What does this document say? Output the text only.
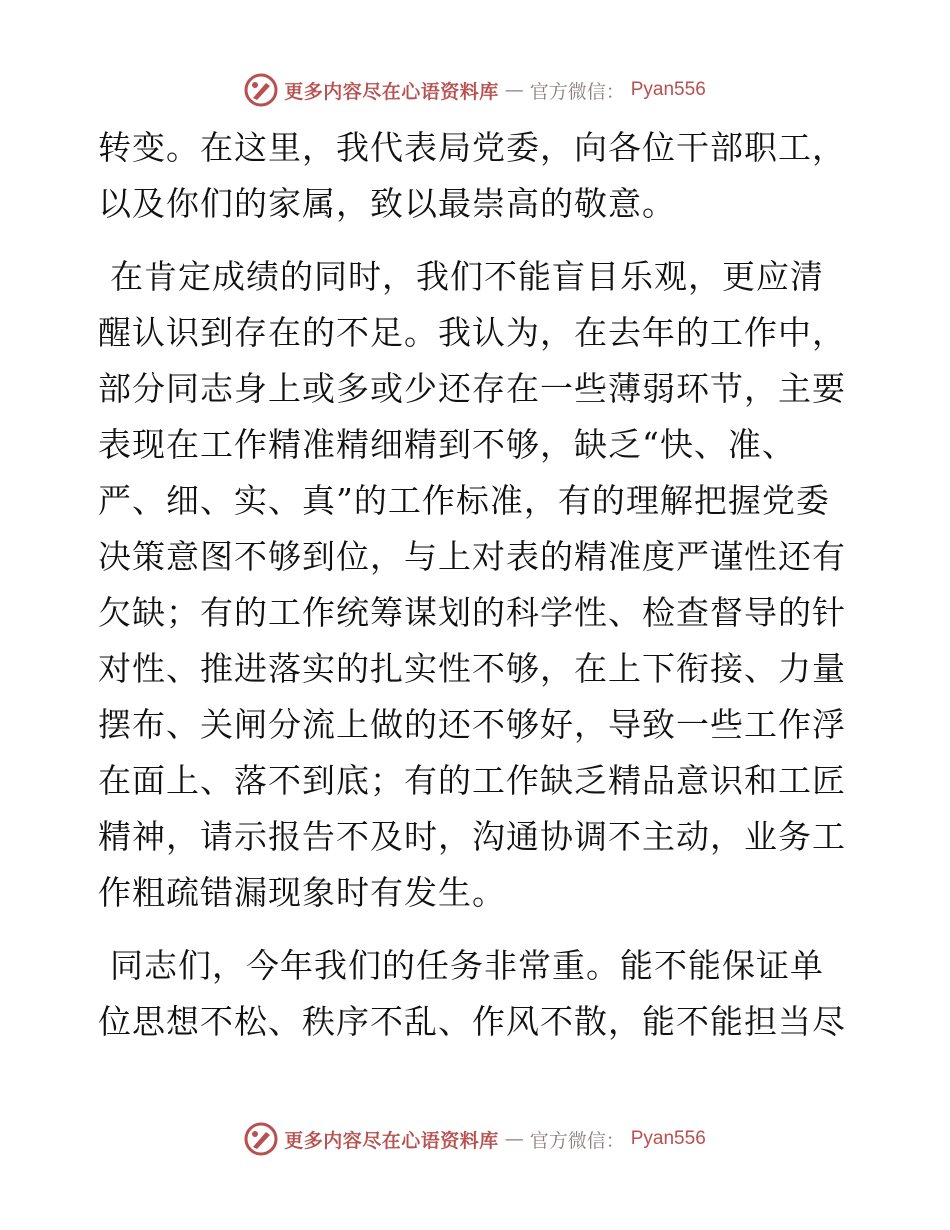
更多内容尽在心语资料库 — 官方微信： Pyan556

转变。在这里，我代表局党委，向各位干部职工，
以及你们的家属，致以最崇高的敬意。

在肯定成绩的同时，我们不能盲目乐观，更应清
醒认识到存在的不足。我认为，在去年的工作中，
部分同志身上或多或少还存在一些薄弱环节，主要
表现在工作精准精细精到不够，缺乏“快、准、
严、细、实、真”的工作标准，有的理解把握党委
决策意图不够到位，与上对表的精准度严谨性还有
欠缺；有的工作统筹谋划的科学性、检查督导的针
对性、推进落实的扎实性不够，在上下衔接、力量
摆布、关闸分流上做的还不够好，导致一些工作浮
在面上、落不到底；有的工作缺乏精品意识和工匠
精神，请示报告不及时，沟通协调不主动，业务工
作粗疏错漏现象时有发生。

同志们，今年我们的任务非常重。能不能保证单
位思想不松、秩序不乱、作风不散，能不能担当尽

更多内容尽在心语资料库 — 官方微信： Pyan556
